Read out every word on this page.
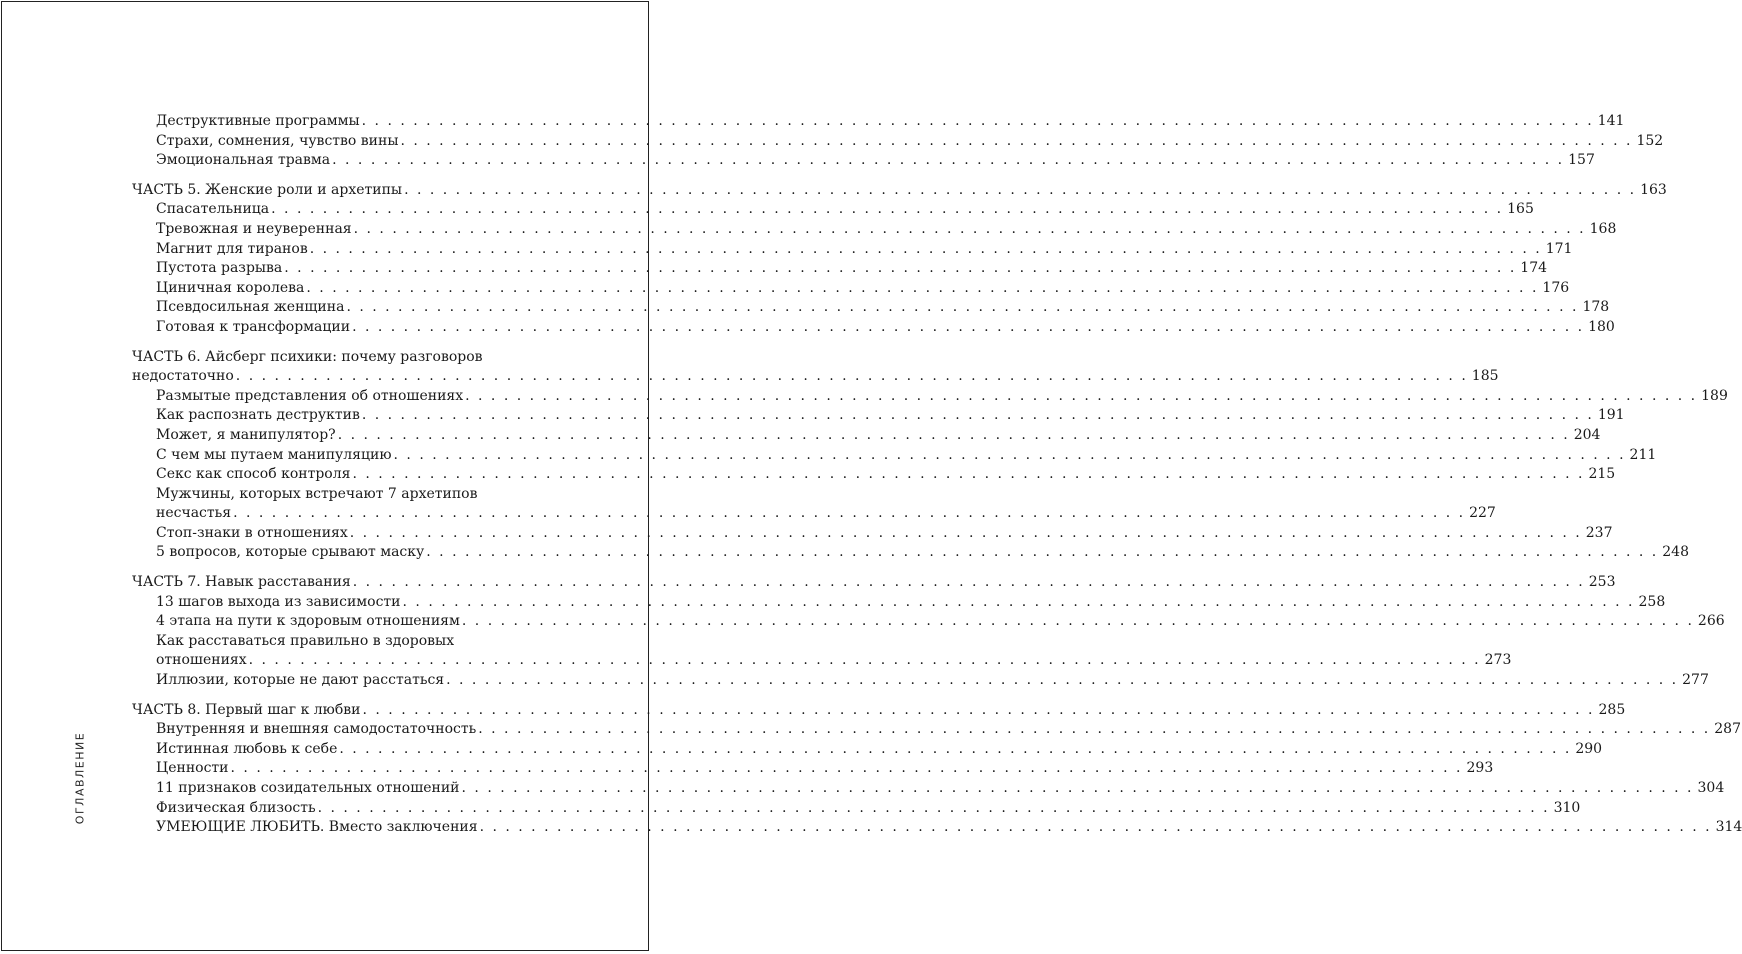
ОГЛАВЛЕНИЕ
Деструктивные программы . . .	141
Страхи, сомнения, чувство вины . . .	152
Эмоциональная травма . . .	157
ЧАСТЬ 5. Женские роли и архетипы . . .	163
Спасательница . . .	165
Тревожная и неуверенная . . .	168
Магнит для тиранов . . .	171
Пустота разрыва . . .	174
Циничная королева . . .	176
Псевдосильная женщина . . .	178
Готовая к трансформации . . .	180
ЧАСТЬ 6. Айсберг психики: почему разговоров
недостаточно . . .	185
Размытые представления об отношениях . . .	189
Как распознать деструктив . . .	191
Может, я манипулятор? . . .	204
С чем мы путаем манипуляцию . . .	211
Секс как способ контроля . . .	215
Мужчины, которых встречают 7 архетипов
несчастья . . .	227
Стоп-знаки в отношениях . . .	237
5 вопросов, которые срывают маску . . .	248
ЧАСТЬ 7. Навык расставания . . .	253
13 шагов выхода из зависимости . . .	258
4 этапа на пути к здоровым отношениям . . .	266
Как расставаться правильно в здоровых
отношениях . . .	273
Иллюзии, которые не дают расстаться . . .	277
ЧАСТЬ 8. Первый шаг к любви . . .	285
Внутренняя и внешняя самодостаточность . . .	287
Истинная любовь к себе . . .	290
Ценности . . .	293
11 признаков созидательных отношений . . .	304
Физическая близость . . .	310
УМЕЮЩИЕ ЛЮБИТЬ. Вместо заключения . . .	314
